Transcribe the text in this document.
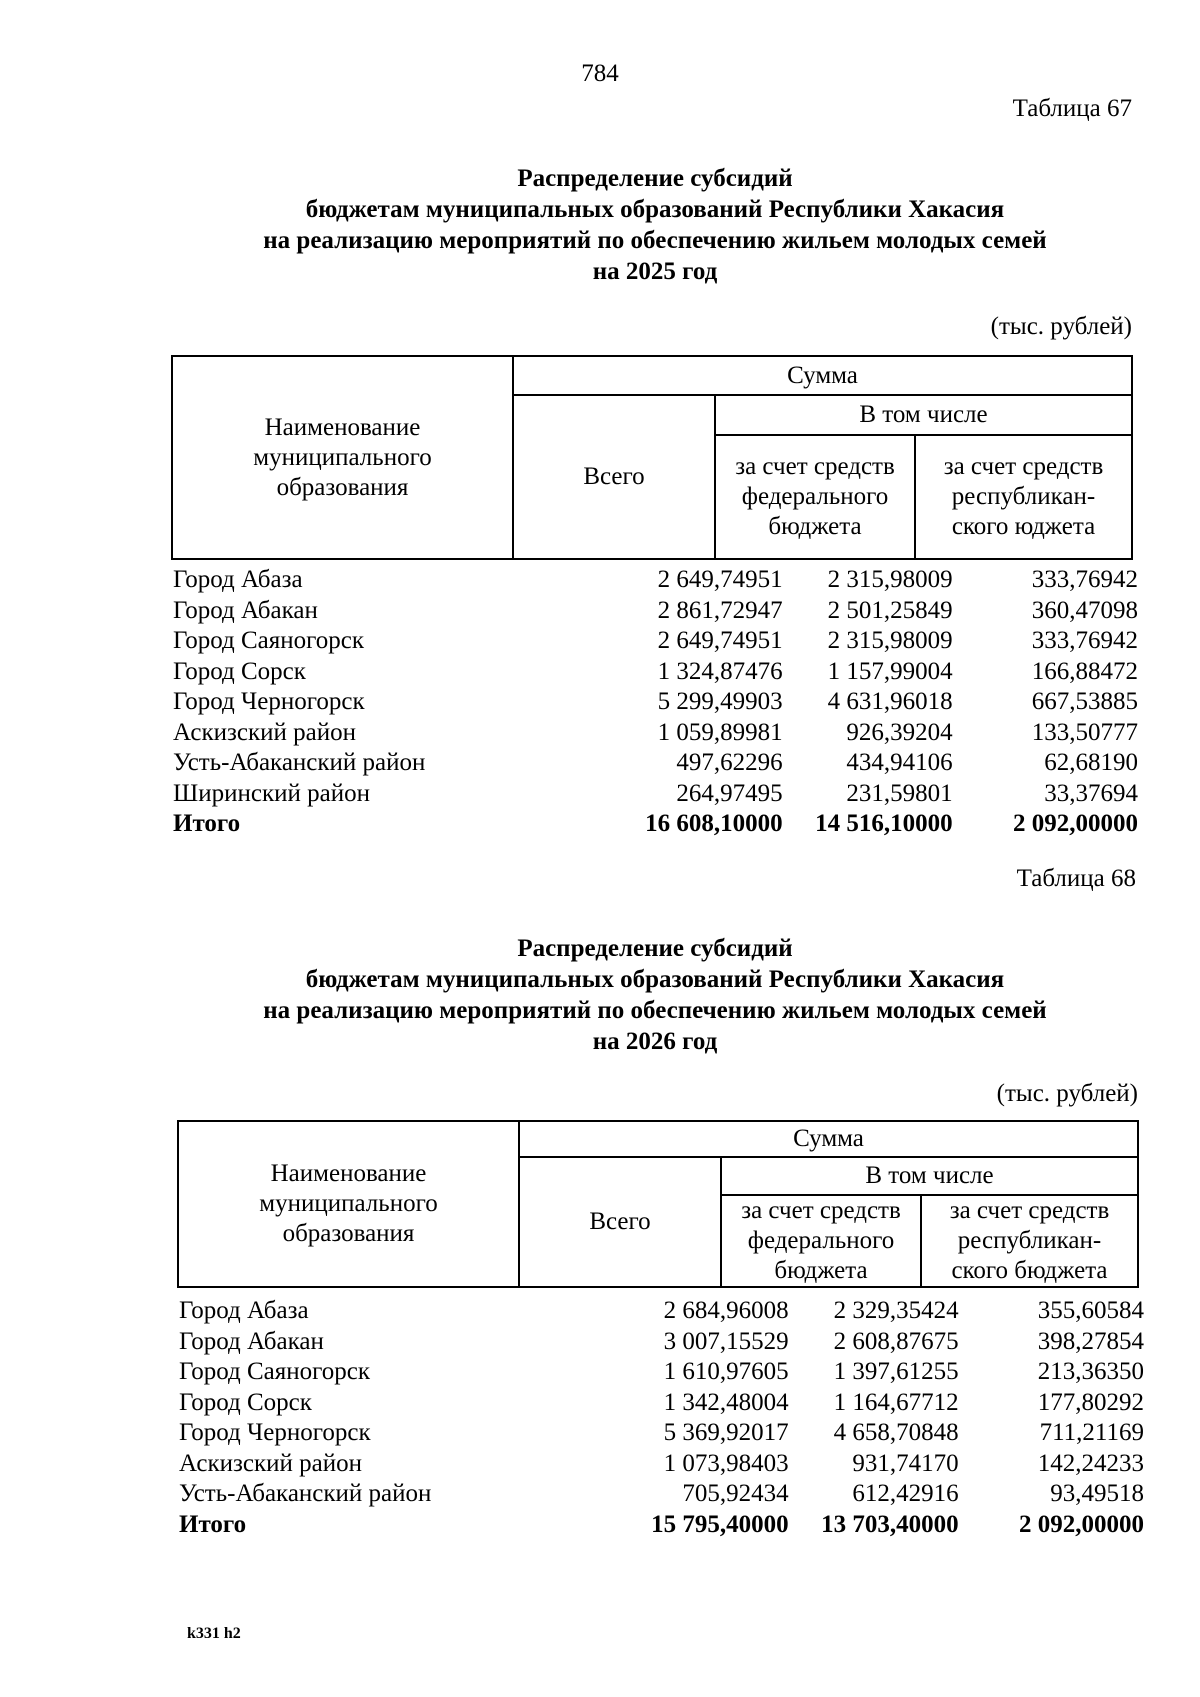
784
Таблица 67
Распределение субсидий
бюджетам муниципальных образований Республики Хакасия
на реализацию мероприятий по обеспечению жильем молодых семей
на 2025 год
(тыс. рублей)
Наименование муниципального образования
Сумма
Всего
В том числе
за счет средств федерального бюджета
за счет средств республикан-ского юджета
Город Абаза	2 649,74951	2 315,98009	333,76942
Город Абакан	2 861,72947	2 501,25849	360,47098
Город Саяногорск	2 649,74951	2 315,98009	333,76942
Город Сорск	1 324,87476	1 157,99004	166,88472
Город Черногорск	5 299,49903	4 631,96018	667,53885
Аскизский район	1 059,89981	926,39204	133,50777
Усть-Абаканский район	497,62296	434,94106	62,68190
Ширинский район	264,97495	231,59801	33,37694
Итого	16 608,10000	14 516,10000	2 092,00000
Таблица 68
Распределение субсидий
бюджетам муниципальных образований Республики Хакасия
на реализацию мероприятий по обеспечению жильем молодых семей
на 2026 год
(тыс. рублей)
Наименование муниципального образования
Сумма
Всего
В том числе
за счет средств федерального бюджета
за счет средств республикан-ского бюджета
Город Абаза	2 684,96008	2 329,35424	355,60584
Город Абакан	3 007,15529	2 608,87675	398,27854
Город Саяногорск	1 610,97605	1 397,61255	213,36350
Город Сорск	1 342,48004	1 164,67712	177,80292
Город Черногорск	5 369,92017	4 658,70848	711,21169
Аскизский район	1 073,98403	931,74170	142,24233
Усть-Абаканский район	705,92434	612,42916	93,49518
Итого	15 795,40000	13 703,40000	2 092,00000
k331 h2
